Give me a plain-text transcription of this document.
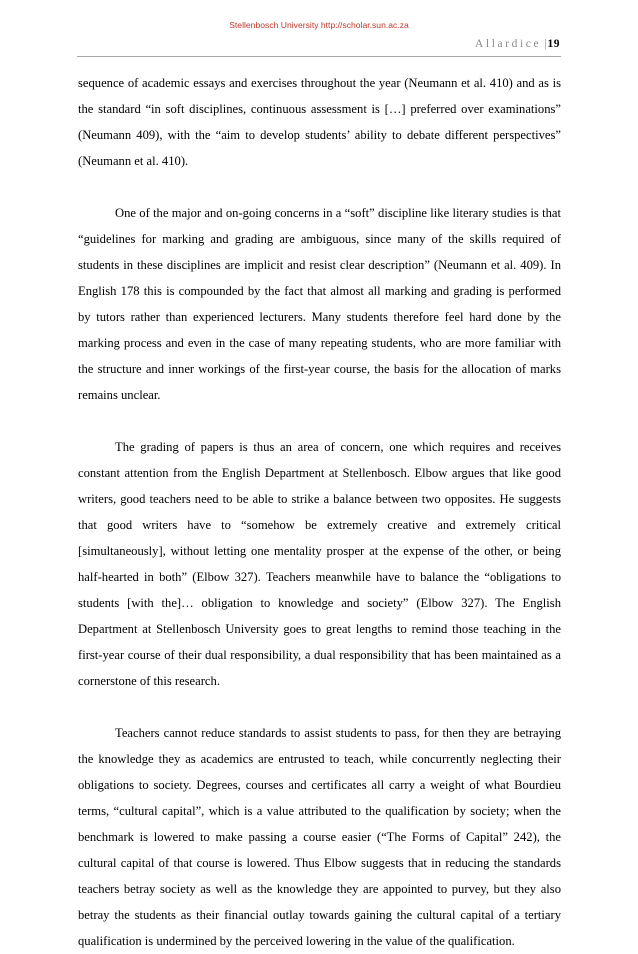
Stellenbosch University http://scholar.sun.ac.za
Allardice |19

sequence of academic essays and exercises throughout the year (Neumann et al. 410) and as is the standard “in soft disciplines, continuous assessment is […] preferred over examinations” (Neumann 409), with the “aim to develop students’ ability to debate different perspectives” (Neumann et al. 410).

One of the major and on-going concerns in a “soft” discipline like literary studies is that “guidelines for marking and grading are ambiguous, since many of the skills required of students in these disciplines are implicit and resist clear description” (Neumann et al. 409). In English 178 this is compounded by the fact that almost all marking and grading is performed by tutors rather than experienced lecturers. Many students therefore feel hard done by the marking process and even in the case of many repeating students, who are more familiar with the structure and inner workings of the first-year course, the basis for the allocation of marks remains unclear.

The grading of papers is thus an area of concern, one which requires and receives constant attention from the English Department at Stellenbosch. Elbow argues that like good writers, good teachers need to be able to strike a balance between two opposites. He suggests that good writers have to “somehow be extremely creative and extremely critical [simultaneously], without letting one mentality prosper at the expense of the other, or being half-hearted in both” (Elbow 327). Teachers meanwhile have to balance the “obligations to students [with the]… obligation to knowledge and society” (Elbow 327). The English Department at Stellenbosch University goes to great lengths to remind those teaching in the first-year course of their dual responsibility, a dual responsibility that has been maintained as a cornerstone of this research.

Teachers cannot reduce standards to assist students to pass, for then they are betraying the knowledge they as academics are entrusted to teach, while concurrently neglecting their obligations to society. Degrees, courses and certificates all carry a weight of what Bourdieu terms, “cultural capital”, which is a value attributed to the qualification by society; when the benchmark is lowered to make passing a course easier (“The Forms of Capital” 242), the cultural capital of that course is lowered. Thus Elbow suggests that in reducing the standards teachers betray society as well as the knowledge they are appointed to purvey, but they also betray the students as their financial outlay towards gaining the cultural capital of a tertiary qualification is undermined by the perceived lowering in the value of the qualification.
